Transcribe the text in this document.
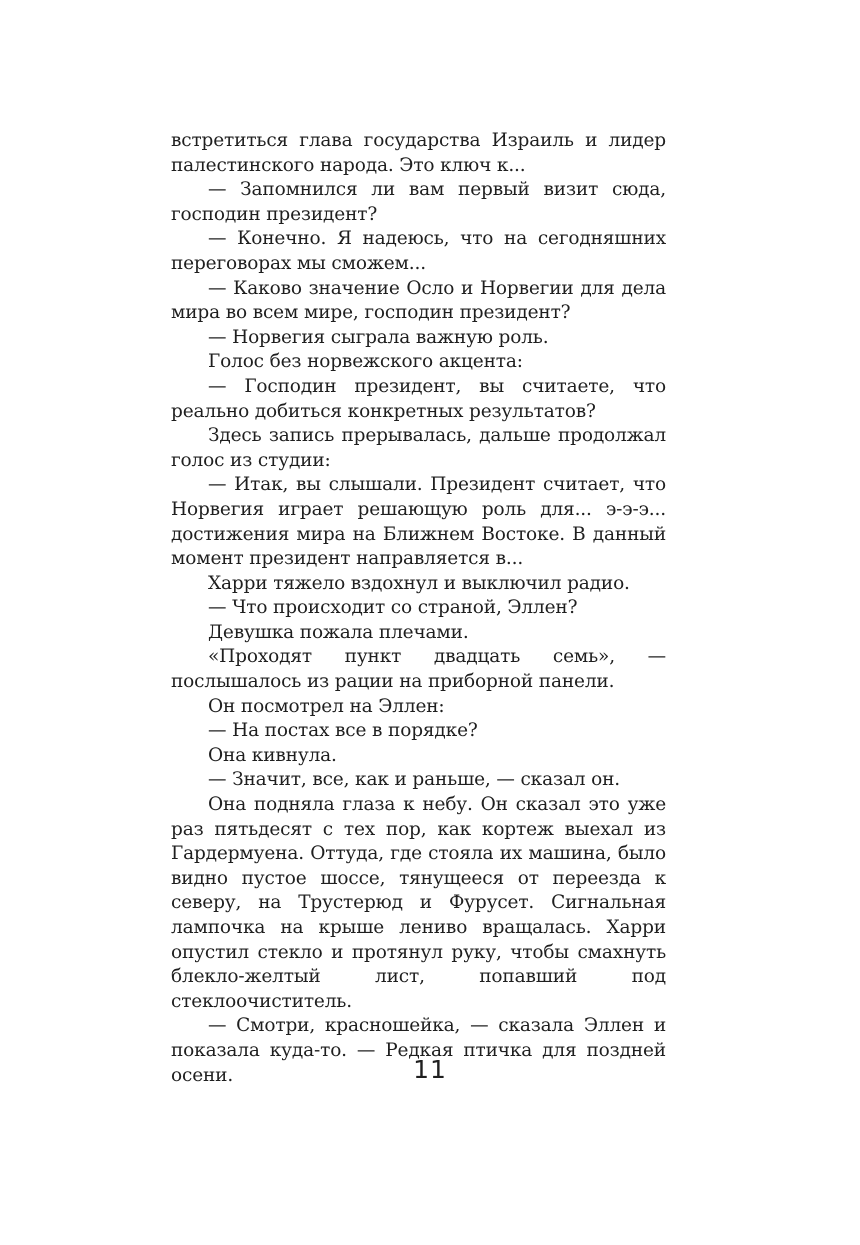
встретиться глава государства Израиль и лидер палестинского народа. Это ключ к...

— Запомнился ли вам первый визит сюда, господин президент?

— Конечно. Я надеюсь, что на сегодняшних переговорах мы сможем...

— Каково значение Осло и Норвегии для дела мира во всем мире, господин президент?

— Норвегия сыграла важную роль.

Голос без норвежского акцента:

— Господин президент, вы считаете, что реально добиться конкретных результатов?

Здесь запись прерывалась, дальше продолжал голос из студии:

— Итак, вы слышали. Президент считает, что Норвегия играет решающую роль для... э-э-э... достижения мира на Ближнем Востоке. В данный момент президент направляется в...

Харри тяжело вздохнул и выключил радио.

— Что происходит со страной, Эллен?

Девушка пожала плечами.

«Проходят пункт двадцать семь», — послышалось из рации на приборной панели.

Он посмотрел на Эллен:

— На постах все в порядке?

Она кивнула.

— Значит, все, как и раньше, — сказал он.

Она подняла глаза к небу. Он сказал это уже раз пятьдесят с тех пор, как кортеж выехал из Гардермуена. Оттуда, где стояла их машина, было видно пустое шоссе, тянущееся от переезда к северу, на Трустерюд и Фурусет. Сигнальная лампочка на крыше лениво вращалась. Харри опустил стекло и протянул руку, чтобы смахнуть блекло-желтый лист, попавший под стеклоочиститель.

— Смотри, красношейка, — сказала Эллен и показала куда-то. — Редкая птичка для поздней осени.	11
